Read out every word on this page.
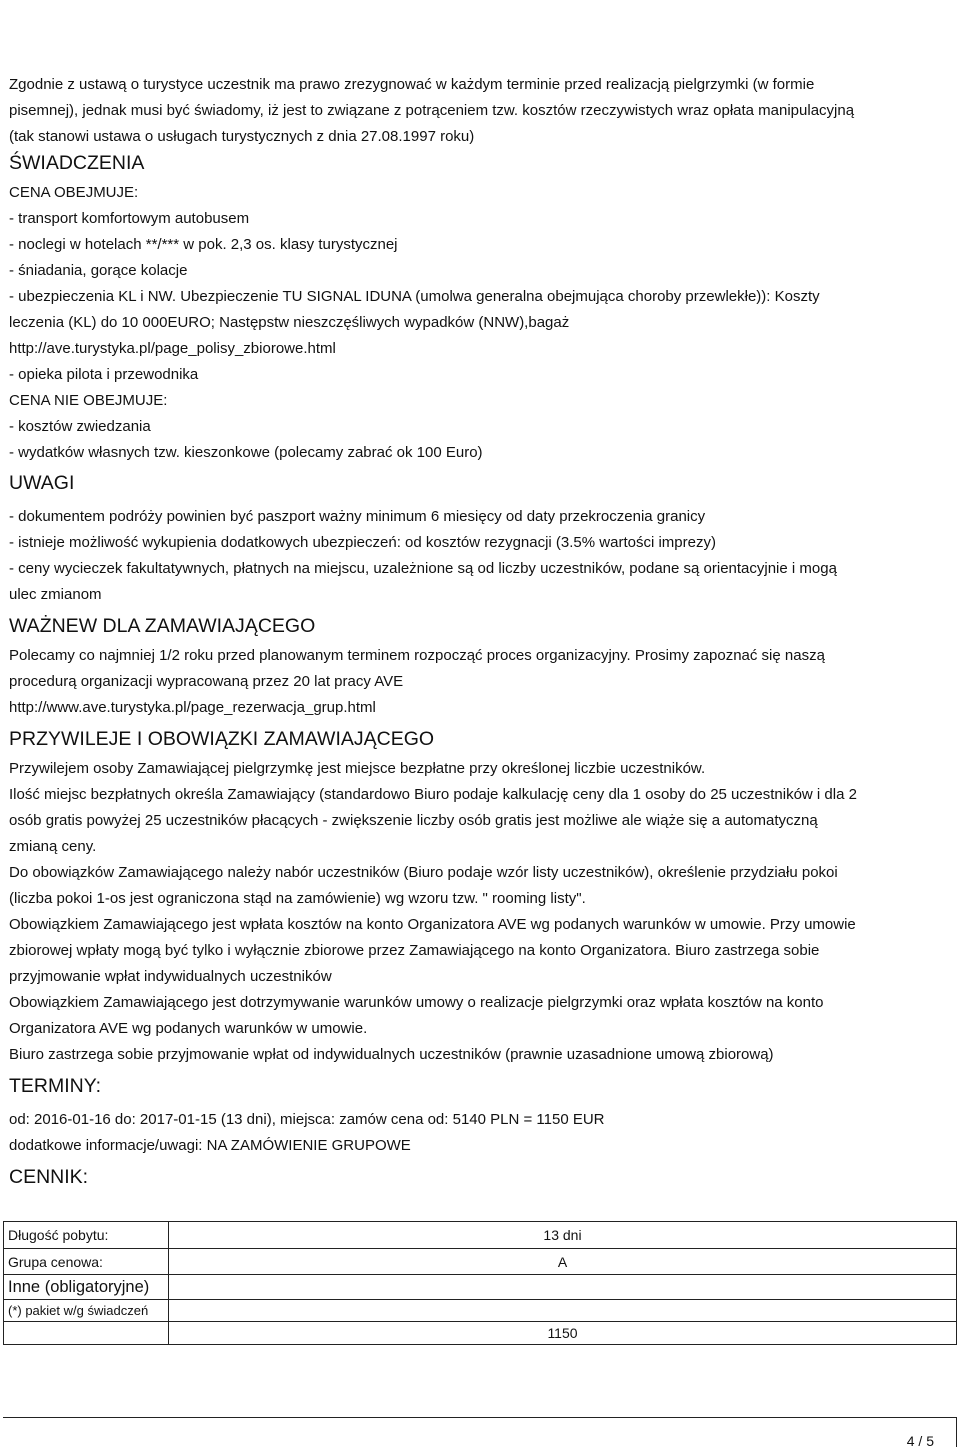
Zgodnie z ustawą o turystyce uczestnik ma prawo zrezygnować w każdym terminie przed realizacją pielgrzymki (w formie

pisemnej), jednak musi być świadomy, iż jest to związane z potrąceniem tzw. kosztów rzeczywistych wraz opłata manipulacyjną

(tak stanowi ustawa o usługach turystycznych z dnia 27.08.1997 roku)

ŚWIADCZENIA

CENA OBEJMUJE:

- transport komfortowym autobusem

- noclegi w hotelach **/*** w pok. 2,3 os. klasy turystycznej

- śniadania, gorące kolacje

- ubezpieczenia KL i NW. Ubezpieczenie TU SIGNAL IDUNA (umolwa generalna obejmująca choroby przewlekłe)): Koszty

leczenia (KL) do 10 000EURO; Następstw nieszczęśliwych wypadków (NNW),bagaż

http://ave.turystyka.pl/page_polisy_zbiorowe.html

- opieka pilota i przewodnika

CENA NIE OBEJMUJE:

- kosztów zwiedzania

- wydatków własnych tzw. kieszonkowe (polecamy zabrać ok 100 Euro)

UWAGI

- dokumentem podróży powinien być paszport ważny minimum 6 miesięcy od daty przekroczenia granicy

- istnieje możliwość wykupienia dodatkowych ubezpieczeń: od kosztów rezygnacji (3.5% wartości imprezy)

- ceny wycieczek fakultatywnych, płatnych na miejscu, uzależnione są od liczby uczestników, podane są orientacyjnie i mogą

ulec zmianom

WAŻNEW DLA ZAMAWIAJĄCEGO

Polecamy co najmniej 1/2 roku przed planowanym terminem rozpocząć proces organizacyjny. Prosimy zapoznać się naszą

procedurą organizacji wypracowaną przez 20 lat pracy AVE

http://www.ave.turystyka.pl/page_rezerwacja_grup.html

PRZYWILEJE I OBOWIĄZKI ZAMAWIAJĄCEGO

Przywilejem osoby Zamawiającej pielgrzymkę jest miejsce bezpłatne przy określonej liczbie uczestników.

Ilość miejsc bezpłatnych określa Zamawiający (standardowo Biuro podaje kalkulację ceny dla 1 osoby do 25 uczestników i dla 2

osób gratis powyżej 25 uczestników płacących - zwiększenie liczby osób gratis jest możliwe ale wiąże się a automatyczną

zmianą ceny.

Do obowiązków Zamawiającego należy nabór uczestników (Biuro podaje wzór listy uczestników), określenie przydziału pokoi

(liczba pokoi 1-os jest ograniczona stąd na zamówienie) wg wzoru tzw. " rooming listy".

Obowiązkiem Zamawiającego jest wpłata kosztów na konto Organizatora AVE wg podanych warunków w umowie. Przy umowie

zbiorowej wpłaty mogą być tylko i wyłącznie zbiorowe przez Zamawiającego na konto Organizatora. Biuro zastrzega sobie

przyjmowanie wpłat indywidualnych uczestników

Obowiązkiem Zamawiającego jest dotrzymywanie warunków umowy o realizacje pielgrzymki oraz wpłata kosztów na konto

Organizatora AVE wg podanych warunków w umowie.

Biuro zastrzega sobie przyjmowanie wpłat od indywidualnych uczestników (prawnie uzasadnione umową zbiorową)

TERMINY:

od: 2016-01-16 do: 2017-01-15 (13 dni), miejsca: zamów cena od: 5140 PLN = 1150 EUR

dodatkowe informacje/uwagi: NA ZAMÓWIENIE GRUPOWE

CENNIK:
Długość pobytu:	13 dni
Grupa cenowa:	A
Inne (obligatoryjne)	
(*) pakiet w/g świadczeń	
	1150
4 / 5
